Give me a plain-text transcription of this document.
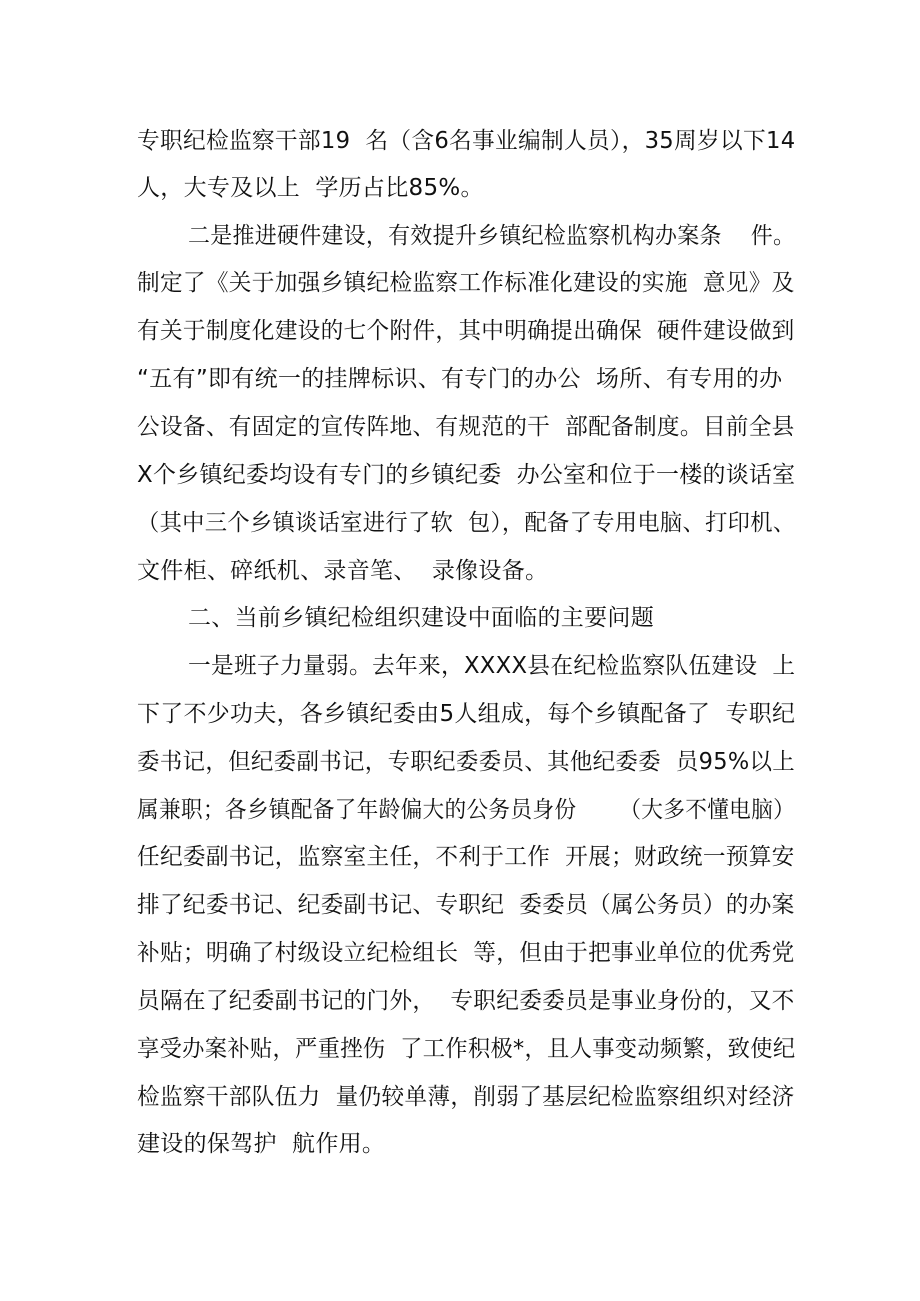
专职纪检监察干部19  名（含6名事业编制人员），35周岁以下14
人，大专及以上  学历占比85%。
二是推进硬件建设，有效提升乡镇纪检监察机构办案条    件。
制定了《关于加强乡镇纪检监察工作标准化建设的实施  意见》及
有关于制度化建设的七个附件，其中明确提出确保  硬件建设做到
“五有”即有统一的挂牌标识、有专门的办公  场所、有专用的办
公设备、有固定的宣传阵地、有规范的干  部配备制度。目前全县
X个乡镇纪委均设有专门的乡镇纪委  办公室和位于一楼的谈话室
（其中三个乡镇谈话室进行了软  包），配备了专用电脑、打印机、
文件柜、碎纸机、录音笔、  录像设备。
二、当前乡镇纪检组织建设中面临的主要问题
一是班子力量弱。去年来，XXXX县在纪检监察队伍建设  上
下了不少功夫，各乡镇纪委由5人组成，每个乡镇配备了  专职纪
委书记，但纪委副书记，专职纪委委员、其他纪委委  员95%以上
属兼职；各乡镇配备了年龄偏大的公务员身份      （大多不懂电脑）
任纪委副书记，监察室主任，不利于工作  开展；财政统一预算安
排了纪委书记、纪委副书记、专职纪  委委员（属公务员）的办案
补贴；明确了村级设立纪检组长  等，但由于把事业单位的优秀党
员隔在了纪委副书记的门外，  专职纪委委员是事业身份的，又不
享受办案补贴，严重挫伤  了工作积极*，且人事变动频繁，致使纪
检监察干部队伍力  量仍较单薄，削弱了基层纪检监察组织对经济
建设的保驾护  航作用。
